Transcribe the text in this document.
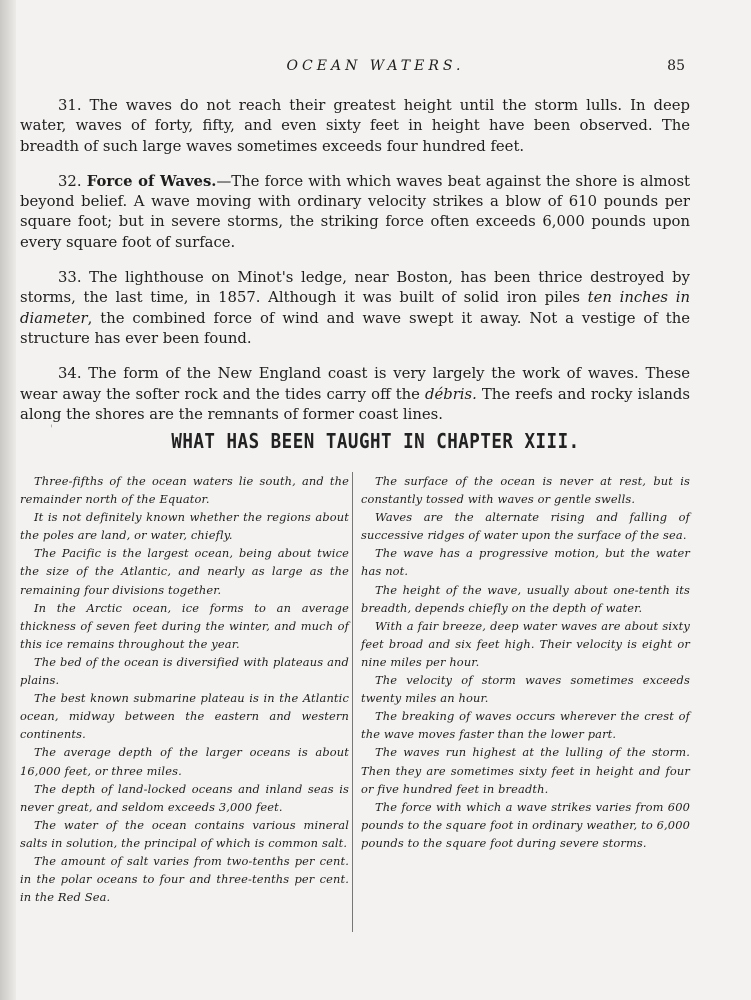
OCEAN WATERS.	85

31. The waves do not reach their greatest height until the storm lulls. In deep water, waves of forty, fifty, and even sixty feet in height have been observed. The breadth of such large waves sometimes exceeds four hundred feet.

32. Force of Waves.—The force with which waves beat against the shore is almost beyond belief. A wave moving with ordinary velocity strikes a blow of 610 pounds per square foot; but in severe storms, the striking force often exceeds 6,000 pounds upon every square foot of surface.

33. The lighthouse on Minot's ledge, near Boston, has been thrice destroyed by storms, the last time, in 1857. Although it was built of solid iron piles ten inches in diameter, the combined force of wind and wave swept it away. Not a vestige of the structure has ever been found.

34. The form of the New England coast is very largely the work of waves. These wear away the softer rock and the tides carry off the débris. The reefs and rocky islands along the shores are the remnants of former coast lines.

'
WHAT HAS BEEN TAUGHT IN CHAPTER XIII.

Three-fifths of the ocean waters lie south, and the remainder north of the Equator.

It is not definitely known whether the regions about the poles are land, or water, chiefly.

The Pacific is the largest ocean, being about twice the size of the Atlantic, and nearly as large as the remaining four divisions together.

In the Arctic ocean, ice forms to an average thickness of seven feet during the winter, and much of this ice remains throughout the year.

The bed of the ocean is diversified with plateaus and plains.

The best known submarine plateau is in the Atlantic ocean, midway between the eastern and western continents.

The average depth of the larger oceans is about 16,000 feet, or three miles.

The depth of land-locked oceans and inland seas is never great, and seldom exceeds 3,000 feet.

The water of the ocean contains various mineral salts in solution, the principal of which is common salt.

The amount of salt varies from two-tenths per cent. in the polar oceans to four and three-tenths per cent. in the Red Sea.

The surface of the ocean is never at rest, but is constantly tossed with waves or gentle swells.

Waves are the alternate rising and falling of successive ridges of water upon the surface of the sea.

The wave has a progressive motion, but the water has not.

The height of the wave, usually about one-tenth its breadth, depends chiefly on the depth of water.

With a fair breeze, deep water waves are about sixty feet broad and six feet high. Their velocity is eight or nine miles per hour.

The velocity of storm waves sometimes exceeds twenty miles an hour.

The breaking of waves occurs wherever the crest of the wave moves faster than the lower part.

The waves run highest at the lulling of the storm. Then they are sometimes sixty feet in height and four or five hundred feet in breadth.

The force with which a wave strikes varies from 600 pounds to the square foot in ordinary weather, to 6,000 pounds to the square foot during severe storms.
